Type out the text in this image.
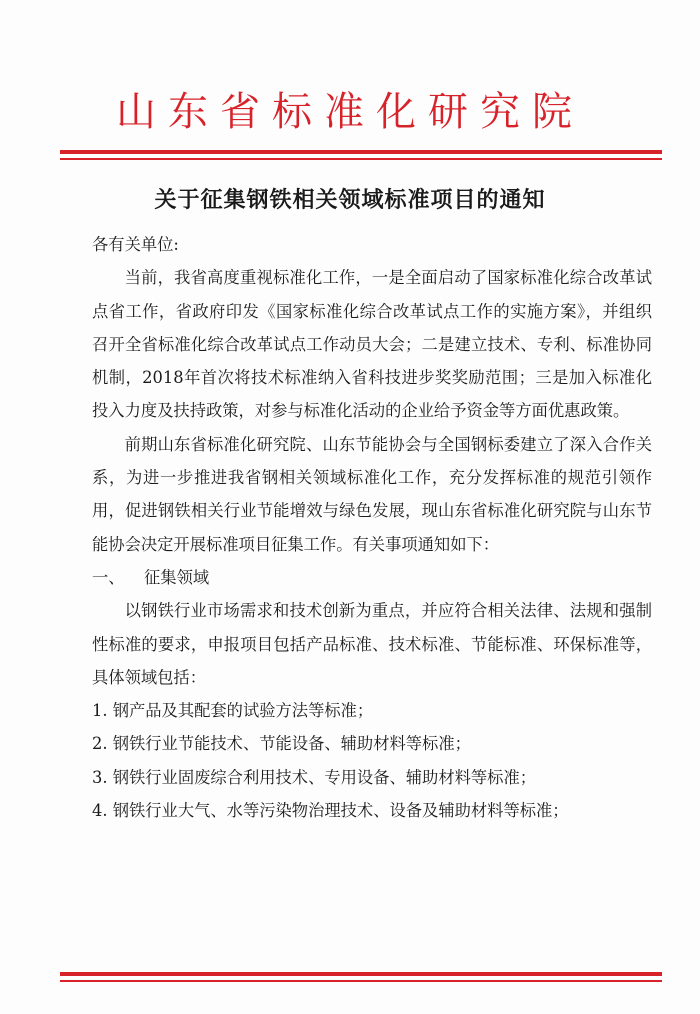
山东省标准化研究院
关于征集钢铁相关领域标准项目的通知

各有关单位:

当前，我省高度重视标准化工作，一是全面启动了国家标准化综合改革试点省工作，省政府印发《国家标准化综合改革试点工作的实施方案》，并组织召开全省标准化综合改革试点工作动员大会；二是建立技术、专利、标准协同机制，2018年首次将技术标准纳入省科技进步奖奖励范围；三是加入标准化投入力度及扶持政策，对参与标准化活动的企业给予资金等方面优惠政策。

前期山东省标准化研究院、山东节能协会与全国钢标委建立了深入合作关系，为进一步推进我省钢相关领域标准化工作，充分发挥标准的规范引领作用，促进钢铁相关行业节能增效与绿色发展，现山东省标准化研究院与山东节能协会决定开展标准项目征集工作。有关事项通知如下：

一、 征集领域

以钢铁行业市场需求和技术创新为重点，并应符合相关法律、法规和强制性标准的要求，申报项目包括产品标准、技术标准、节能标准、环保标准等，具体领域包括：

1. 钢产品及其配套的试验方法等标准；

2. 钢铁行业节能技术、节能设备、辅助材料等标准；

3. 钢铁行业固废综合利用技术、专用设备、辅助材料等标准；

4. 钢铁行业大气、水等污染物治理技术、设备及辅助材料等标准；
